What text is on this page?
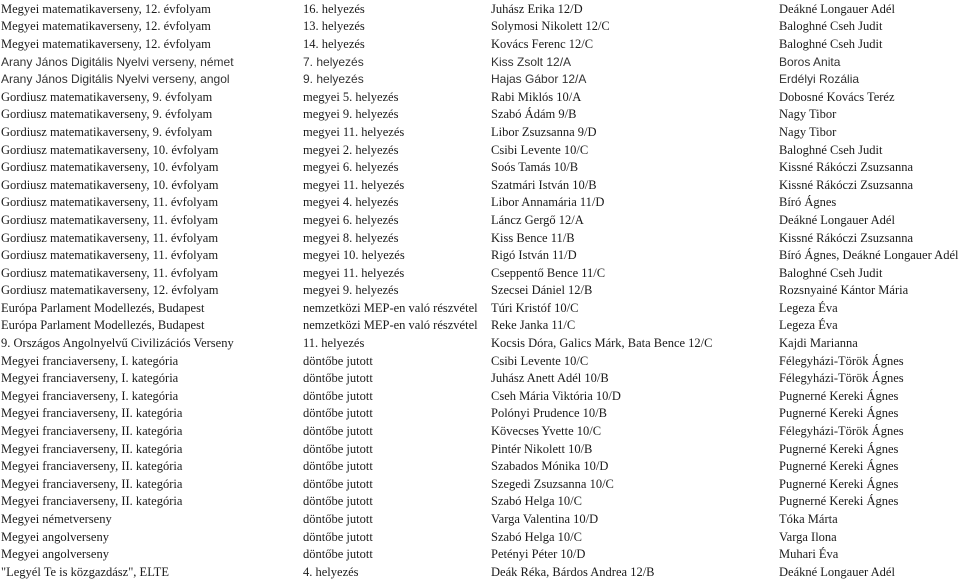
Megyei matematikaverseny, 12. évfolyam	16. helyezés	Juhász Erika 12/D	Deákné Longauer Adél
Megyei matematikaverseny, 12. évfolyam	13. helyezés	Solymosi Nikolett 12/C	Baloghné Cseh Judit
Megyei matematikaverseny, 12. évfolyam	14. helyezés	Kovács Ferenc 12/C	Baloghné Cseh Judit
Arany János Digitális Nyelvi verseny, német	7. helyezés	Kiss Zsolt 12/A	Boros Anita
Arany János Digitális Nyelvi verseny, angol	9. helyezés	Hajas Gábor 12/A	Erdélyi Rozália
Gordiusz matematikaverseny, 9. évfolyam	megyei 5. helyezés	Rabi Miklós 10/A	Dobosné Kovács Teréz
Gordiusz matematikaverseny, 9. évfolyam	megyei 9. helyezés	Szabó Ádám 9/B	Nagy Tibor
Gordiusz matematikaverseny, 9. évfolyam	megyei 11. helyezés	Libor Zsuzsanna 9/D	Nagy Tibor
Gordiusz matematikaverseny, 10. évfolyam	megyei 2. helyezés	Csibi Levente 10/C	Baloghné Cseh Judit
Gordiusz matematikaverseny, 10. évfolyam	megyei 6. helyezés	Soós Tamás 10/B	Kissné Rákóczi Zsuzsanna
Gordiusz matematikaverseny, 10. évfolyam	megyei 11. helyezés	Szatmári István 10/B	Kissné Rákóczi Zsuzsanna
Gordiusz matematikaverseny, 11. évfolyam	megyei 4. helyezés	Libor Annamária 11/D	Bíró Ágnes
Gordiusz matematikaverseny, 11. évfolyam	megyei 6. helyezés	Láncz Gergő 12/A	Deákné Longauer Adél
Gordiusz matematikaverseny, 11. évfolyam	megyei 8. helyezés	Kiss Bence 11/B	Kissné Rákóczi Zsuzsanna
Gordiusz matematikaverseny, 11. évfolyam	megyei 10. helyezés	Rigó István 11/D	Bíró Ágnes, Deákné Longauer Adél
Gordiusz matematikaverseny, 11. évfolyam	megyei 11. helyezés	Cseppentő Bence 11/C	Baloghné Cseh Judit
Gordiusz matematikaverseny, 12. évfolyam	megyei 9. helyezés	Szecsei Dániel 12/B	Rozsnyainé Kántor Mária
Európa Parlament Modellezés, Budapest	nemzetközi MEP-en való részvétel	Túri Kristóf 10/C	Legeza Éva
Európa Parlament Modellezés, Budapest	nemzetközi MEP-en való részvétel	Reke Janka 11/C	Legeza Éva
9. Országos Angolnyelvű Civilizációs Verseny	11. helyezés	Kocsis Dóra, Galics Márk, Bata Bence 12/C	Kajdi Marianna
Megyei franciaverseny, I. kategória	döntőbe jutott	Csibi Levente 10/C	Félegyházi-Török Ágnes
Megyei franciaverseny, I. kategória	döntőbe jutott	Juhász Anett Adél 10/B	Félegyházi-Török Ágnes
Megyei franciaverseny, I. kategória	döntőbe jutott	Cseh Mária Viktória 10/D	Pugnerné Kereki Ágnes
Megyei franciaverseny, II. kategória	döntőbe jutott	Polónyi Prudence 10/B	Pugnerné Kereki Ágnes
Megyei franciaverseny, II. kategória	döntőbe jutott	Kövecses Yvette 10/C	Félegyházi-Török Ágnes
Megyei franciaverseny, II. kategória	döntőbe jutott	Pintér Nikolett 10/B	Pugnerné Kereki Ágnes
Megyei franciaverseny, II. kategória	döntőbe jutott	Szabados Mónika 10/D	Pugnerné Kereki Ágnes
Megyei franciaverseny, II. kategória	döntőbe jutott	Szegedi Zsuzsanna 10/C	Pugnerné Kereki Ágnes
Megyei franciaverseny, II. kategória	döntőbe jutott	Szabó Helga 10/C	Pugnerné Kereki Ágnes
Megyei németverseny	döntőbe jutott	Varga Valentina 10/D	Tóka Márta
Megyei angolverseny	döntőbe jutott	Szabó Helga 10/C	Varga Ilona
Megyei angolverseny	döntőbe jutott	Petényi Péter 10/D	Muhari Éva
"Legyél Te is közgazdász", ELTE	4. helyezés	Deák Réka, Bárdos Andrea 12/B	Deákné Longauer Adél
